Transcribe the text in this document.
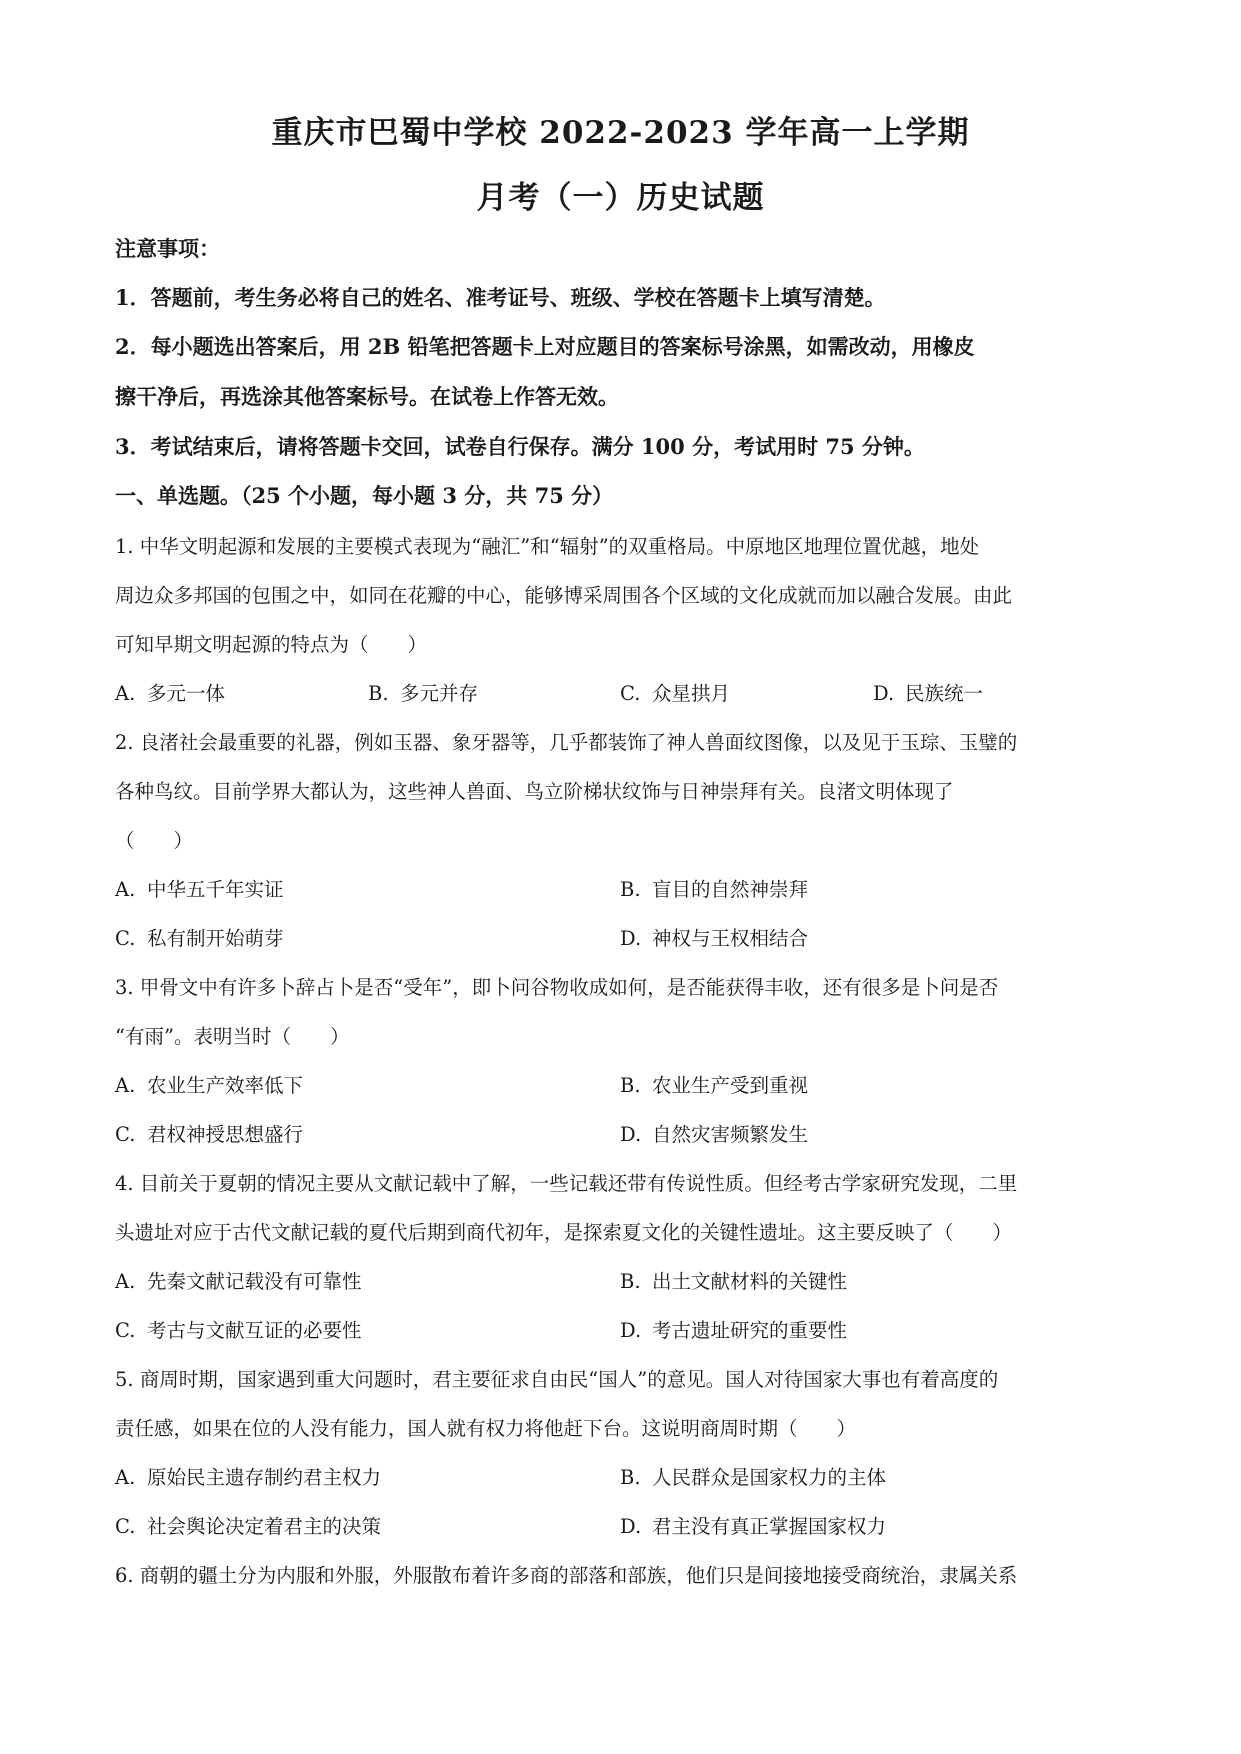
重庆市巴蜀中学校 2022-2023 学年高一上学期
月考（一）历史试题
注意事项：
1．答题前，考生务必将自己的姓名、准考证号、班级、学校在答题卡上填写清楚。
2．每小题选出答案后，用 2B 铅笔把答题卡上对应题目的答案标号涂黑，如需改动，用橡皮
擦干净后，再选涂其他答案标号。在试卷上作答无效。
3．考试结束后，请将答题卡交回，试卷自行保存。满分 100 分，考试用时 75 分钟。
一、单选题。（25 个小题，每小题 3 分，共 75 分）
1. 中华文明起源和发展的主要模式表现为“融汇”和“辐射”的双重格局。中原地区地理位置优越，地处
周边众多邦国的包围之中，如同在花瓣的中心，能够博采周围各个区域的文化成就而加以融合发展。由此
可知早期文明起源的特点为（　　）
A. 多元一体	B. 多元并存	C. 众星拱月	D. 民族统一
2. 良渚社会最重要的礼器，例如玉器、象牙器等，几乎都装饰了神人兽面纹图像，以及见于玉琮、玉璧的
各种鸟纹。目前学界大都认为，这些神人兽面、鸟立阶梯状纹饰与日神崇拜有关。良渚文明体现了
（　　）
A. 中华五千年实证	B. 盲目的自然神崇拜
C. 私有制开始萌芽	D. 神权与王权相结合
3. 甲骨文中有许多卜辞占卜是否“受年”，即卜问谷物收成如何，是否能获得丰收，还有很多是卜问是否
“有雨”。表明当时（　　）
A. 农业生产效率低下	B. 农业生产受到重视
C. 君权神授思想盛行	D. 自然灾害频繁发生
4. 目前关于夏朝的情况主要从文献记载中了解，一些记载还带有传说性质。但经考古学家研究发现，二里
头遗址对应于古代文献记载的夏代后期到商代初年，是探索夏文化的关键性遗址。这主要反映了（　　）
A. 先秦文献记载没有可靠性	B. 出土文献材料的关键性
C. 考古与文献互证的必要性	D. 考古遗址研究的重要性
5. 商周时期，国家遇到重大问题时，君主要征求自由民“国人”的意见。国人对待国家大事也有着高度的
责任感，如果在位的人没有能力，国人就有权力将他赶下台。这说明商周时期（　　）
A. 原始民主遗存制约君主权力	B. 人民群众是国家权力的主体
C. 社会舆论决定着君主的决策	D. 君主没有真正掌握国家权力
6. 商朝的疆土分为内服和外服，外服散布着许多商的部落和部族，他们只是间接地接受商统治，隶属关系
